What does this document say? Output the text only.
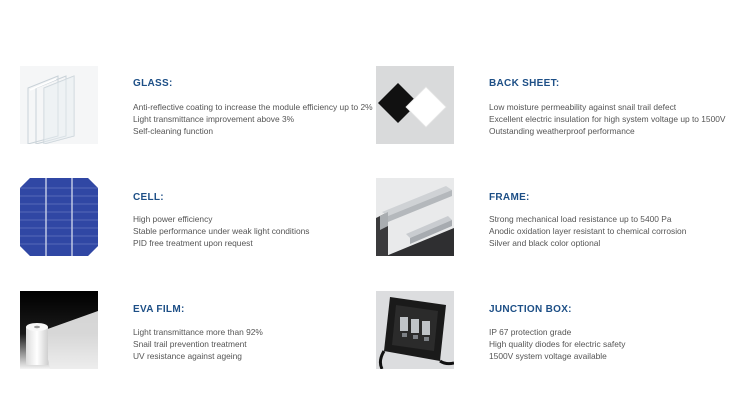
GLASS:
Anti-reflective coating to increase the module efficiency up to 2%
Light transmittance improvement above 3%
Self-cleaning function
BACK SHEET:
Low moisture permeability against snail trail defect
Excellent electric insulation for high system voltage up to 1500V
Outstanding weatherproof performance
CELL:
High power efficiency
Stable performance under weak light conditions
PID free treatment upon request
FRAME:
Strong mechanical load resistance up to 5400 Pa
Anodic oxidation layer resistant to chemical corrosion
Silver and black color optional
EVA FILM:
Light transmittance more than 92%
Snail trail prevention treatment
UV resistance against ageing
JUNCTION BOX:
IP 67 protection grade
High quality diodes for electric safety
1500V system voltage available
